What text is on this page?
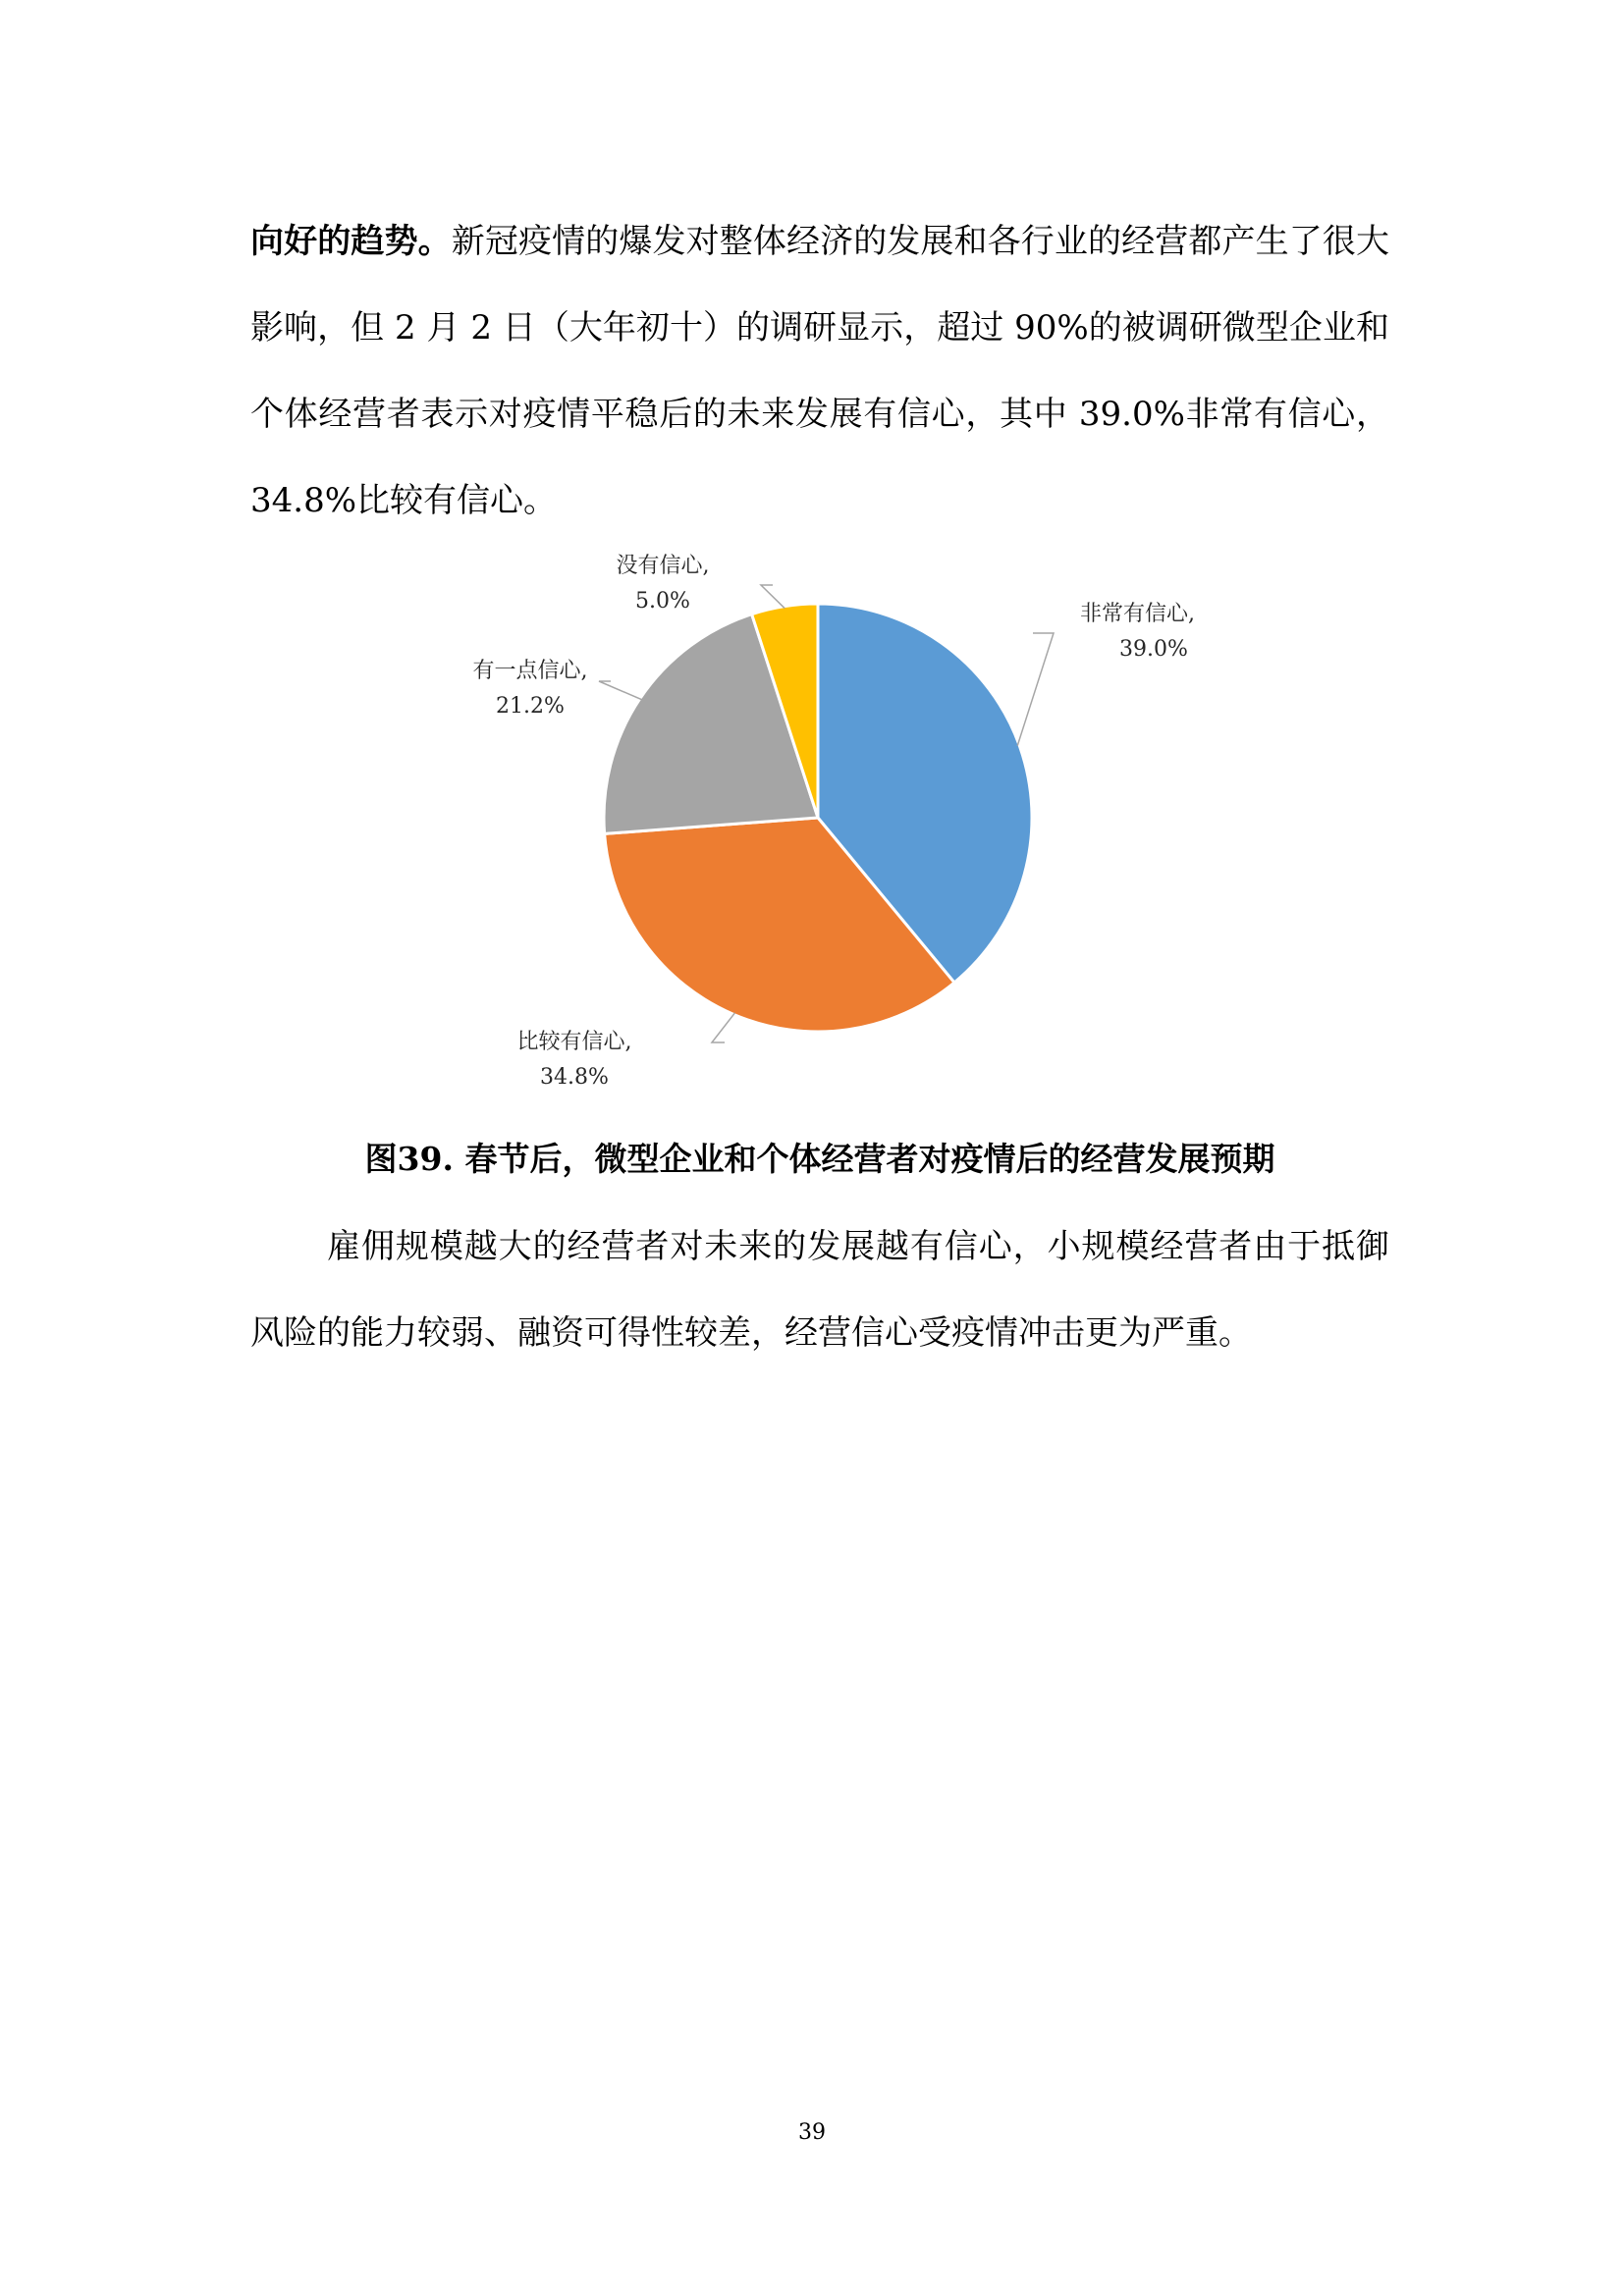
向好的趋势。新冠疫情的爆发对整体经济的发展和各行业的经营都产生了很大影响，但 2 月 2 日（大年初十）的调研显示，超过 90%的被调研微型企业和个体经营者表示对疫情平稳后的未来发展有信心，其中 39.0%非常有信心，34.8%比较有信心。

非常有信心,
39.0%
比较有信心,
34.8%
有一点信心,
21.2%
没有信心,
5.0%

图39. 春节后，微型企业和个体经营者对疫情后的经营发展预期

雇佣规模越大的经营者对未来的发展越有信心，小规模经营者由于抵御风险的能力较弱、融资可得性较差，经营信心受疫情冲击更为严重。

39
